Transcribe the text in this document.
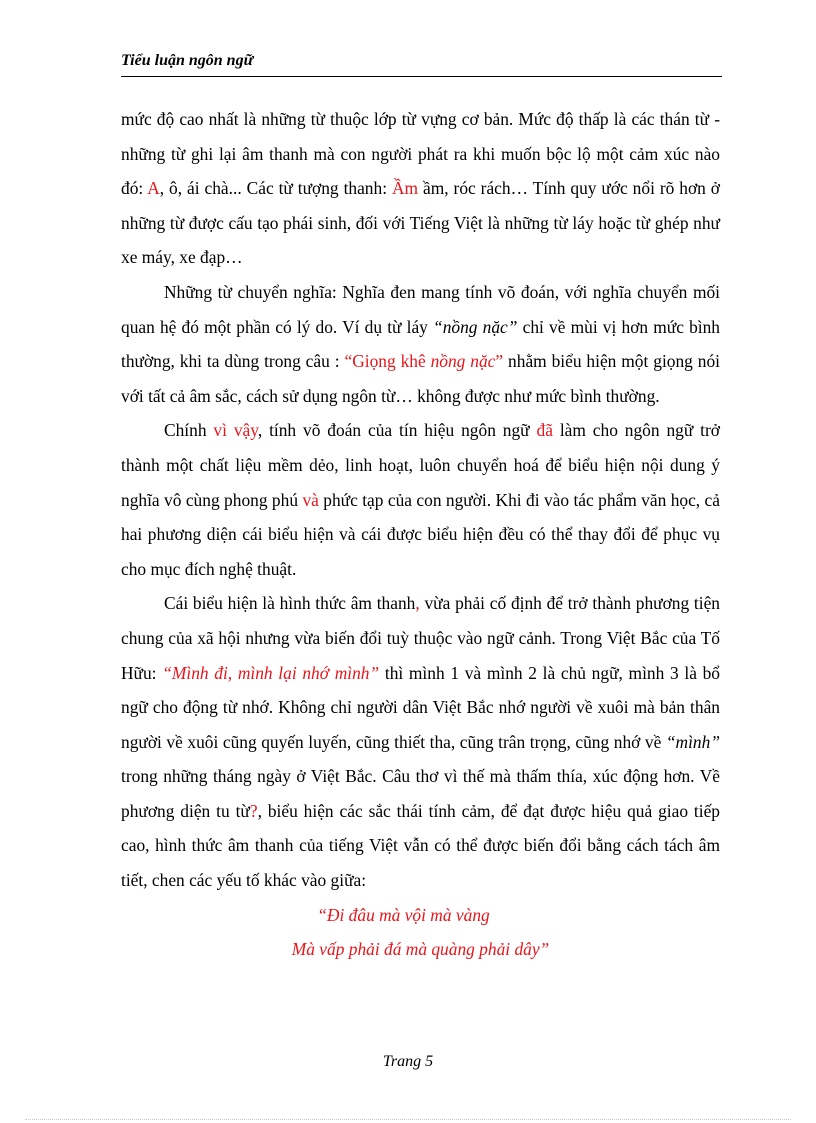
Tiểu luận ngôn ngữ

mức độ cao nhất là những từ thuộc lớp từ vựng cơ bản. Mức độ thấp là các thán từ - những từ ghi lại âm thanh mà con người phát ra khi muốn bộc lộ một cảm xúc nào đó: A, ô, ái chà... Các từ tượng thanh: Ầm ầm, róc rách… Tính quy ước nổi rõ hơn ở những từ được cấu tạo phái sinh, đối với Tiếng Việt là những từ láy hoặc từ ghép như xe máy, xe đạp…

Những từ chuyển nghĩa: Nghĩa đen mang tính võ đoán, với nghĩa chuyển mối quan hệ đó một phần có lý do. Ví dụ từ láy “nồng nặc” chỉ về mùi vị hơn mức bình thường, khi ta dùng trong câu : “Giọng khê nồng nặc” nhằm biểu hiện một giọng nói với tất cả âm sắc, cách sử dụng ngôn từ… không được như mức bình thường.

Chính vì vậy, tính võ đoán của tín hiệu ngôn ngữ đã làm cho ngôn ngữ trở thành một chất liệu mềm dẻo, linh hoạt, luôn chuyển hoá để biểu hiện nội dung ý nghĩa vô cùng phong phú và phức tạp của con người. Khi đi vào tác phẩm văn học, cả hai phương diện cái biểu hiện và cái được biểu hiện đều có thể thay đổi để phục vụ cho mục đích nghệ thuật.

Cái biểu hiện là hình thức âm thanh, vừa phải cố định để trở thành phương tiện chung của xã hội nhưng vừa biến đổi tuỳ thuộc vào ngữ cảnh. Trong Việt Bắc của Tố Hữu: “Mình đi, mình lại nhớ mình” thì mình 1 và mình 2 là chủ ngữ, mình 3 là bổ ngữ cho động từ nhớ. Không chỉ người dân Việt Bắc nhớ người về xuôi mà bản thân người về xuôi cũng quyến luyến, cũng thiết tha, cũng trân trọng, cũng nhớ về “mình” trong những tháng ngày ở Việt Bắc. Câu thơ vì thế mà thấm thía, xúc động hơn. Về phương diện tu từ?, biểu hiện các sắc thái tính cảm, để đạt được hiệu quả giao tiếp cao, hình thức âm thanh của tiếng Việt vẫn có thể được biến đổi bằng cách tách âm tiết, chen các yếu tố khác vào giữa:

“Đi đâu mà vội mà vàng
Mà vấp phải đá mà quàng phải dây”

Trang 5
